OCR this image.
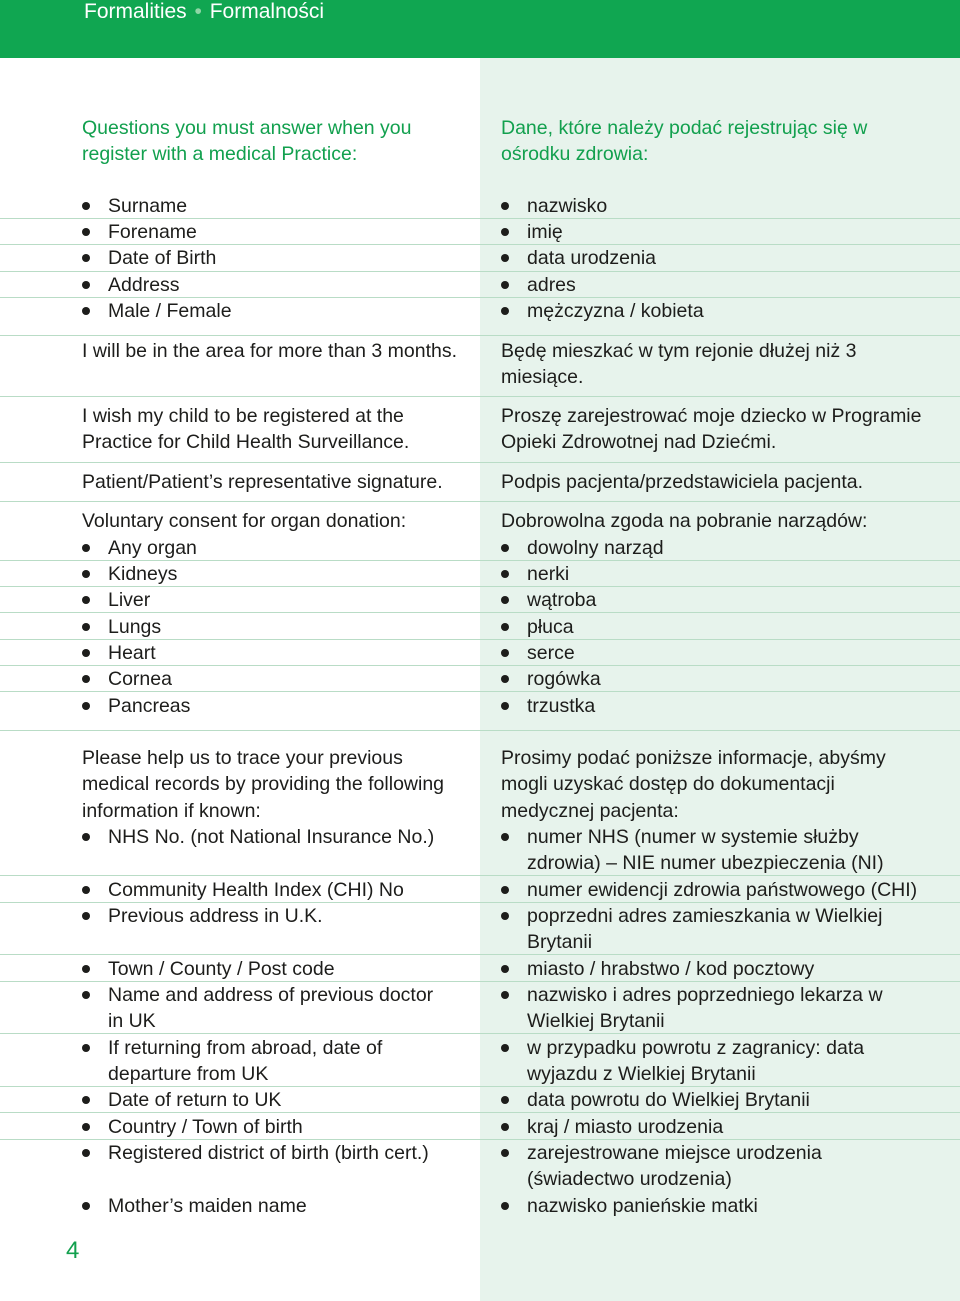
Formalities • Formalności
Questions you must answer when you
register with a medical Practice:
Dane, które należy podać rejestrując się w
ośrodku zdrowia:
Surname
Forename
Date of Birth
Address
Male / Female
nazwisko
imię
data urodzenia
adres
mężczyzna / kobieta
I will be in the area for more than 3 months. Będę mieszkać w tym rejonie dłużej niż 3
miesiące.
I wish my child to be registered at the
Practice for Child Health Surveillance.
Proszę zarejestrować moje dziecko w Programie
Opieki Zdrowotnej nad Dziećmi.
Patient/Patient’s representative signature.	Podpis pacjenta/przedstawiciela pacjenta.
Voluntary consent for organ donation:	Dobrowolna zgoda na pobranie narządów:
Any organ
Kidneys
Liver
Lungs
Heart
Cornea
Pancreas
dowolny narząd
nerki
wątroba
płuca
serce
rogówka
trzustka
Please help us to trace your previous
medical records by providing the following
information if known:
Prosimy podać poniższe informacje, abyśmy
mogli uzyskać dostęp do dokumentacji
medycznej pacjenta:
NHS No. (not National Insurance No.)
Community Health Index (CHI) No
Previous address in U.K.
Town / County / Post code
Name and address of previous doctor
in UK
If returning from abroad, date of
departure from UK
Date of return to UK
Country / Town of birth
Registered district of birth (birth cert.)
Mother’s maiden name
numer NHS (numer w systemie służby
zdrowia) – NIE numer ubezpieczenia (NI)
numer ewidencji zdrowia państwowego (CHI)
poprzedni adres zamieszkania w Wielkiej
Brytanii
miasto / hrabstwo / kod pocztowy
nazwisko i adres poprzedniego lekarza w
Wielkiej Brytanii
w przypadku powrotu z zagranicy: data
wyjazdu z Wielkiej Brytanii
data powrotu do Wielkiej Brytanii
kraj / miasto urodzenia
zarejestrowane miejsce urodzenia
(świadectwo urodzenia)
nazwisko panieńskie matki
4
